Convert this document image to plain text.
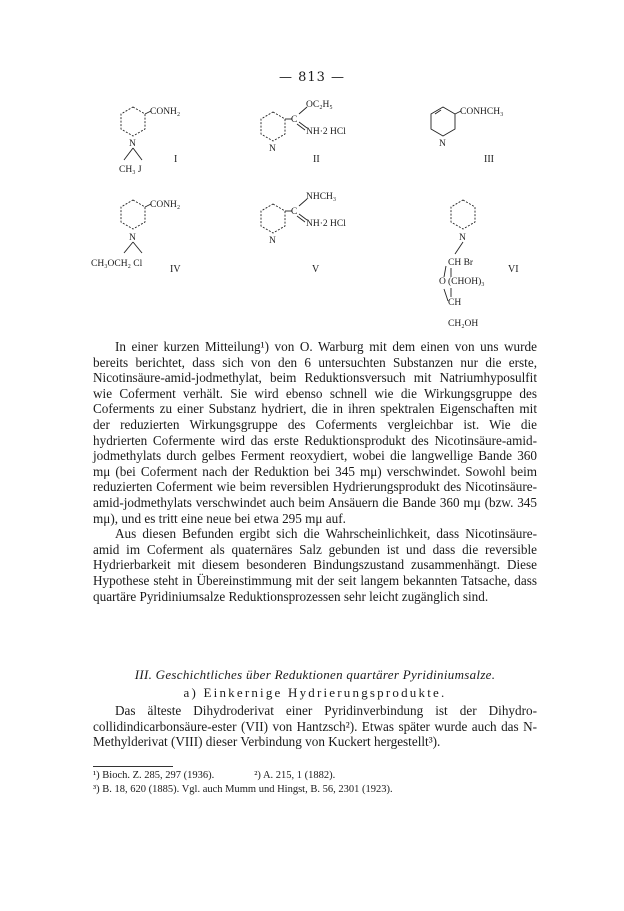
— 813 —
CONH₂
N
CH₃ J
I
C
OC₂H₅
NH·2 HCl
N
II
CONHCH₃
N
III
CONH₂
N
CH₃OCH₂ Cl	IV
C
NHCH₃
NH·2 HCl
N
V
N
CH Br
O (CHOH)₃
CH
CH₂OH
VI

In einer kurzen Mitteilung¹) von O. Warburg mit dem einen von uns wurde bereits berichtet, dass sich von den 6 untersuchten Substanzen nur die erste, Nicotinsäure-amid-jodmethylat, beim Reduktionsversuch mit Natriumhyposulfit wie Coferment verhält. Sie wird ebenso schnell wie die Wirkungsgruppe des Coferments zu einer Substanz hydriert, die in ihren spektralen Eigenschaften mit der reduzierten Wirkungsgruppe des Coferments vergleichbar ist. Wie die hydrierten Cofermente wird das erste Reduktionsprodukt des Nicotinsäure-amid-jodmethylats durch gelbes Ferment reoxydiert, wobei die langwellige Bande 360 mμ (bei Coferment nach der Reduktion bei 345 mμ) verschwindet. Sowohl beim reduzierten Coferment wie beim reversiblen Hydrierungsprodukt des Nicotinsäure-amid-jodmethylats verschwindet auch beim Ansäuern die Bande 360 mμ (bzw. 345 mμ), und es tritt eine neue bei etwa 295 mμ auf.

Aus diesen Befunden ergibt sich die Wahrscheinlichkeit, dass Nicotinsäure-amid im Coferment als quaternäres Salz gebunden ist und dass die reversible Hydrierbarkeit mit diesem besonderen Bindungszustand zusammenhängt. Diese Hypothese steht in Übereinstimmung mit der seit langem bekannten Tatsache, dass quartäre Pyridiniumsalze Reduktionsprozessen sehr leicht zugänglich sind.

III. Geschichtliches über Reduktionen quartärer Pyridiniumsalze.
a) Einkernige Hydrierungsprodukte.

Das älteste Dihydroderivat einer Pyridinverbindung ist der Dihydro-collidindicarbonsäure-ester (VII) von Hantzsch²). Etwas später wurde auch das N-Methylderivat (VIII) dieser Verbindung von Kuckert hergestellt³).

¹) Bioch. Z. 285, 297 (1936).	²) A. 215, 1 (1882).
³) B. 18, 620 (1885). Vgl. auch Mumm und Hingst, B. 56, 2301 (1923).
